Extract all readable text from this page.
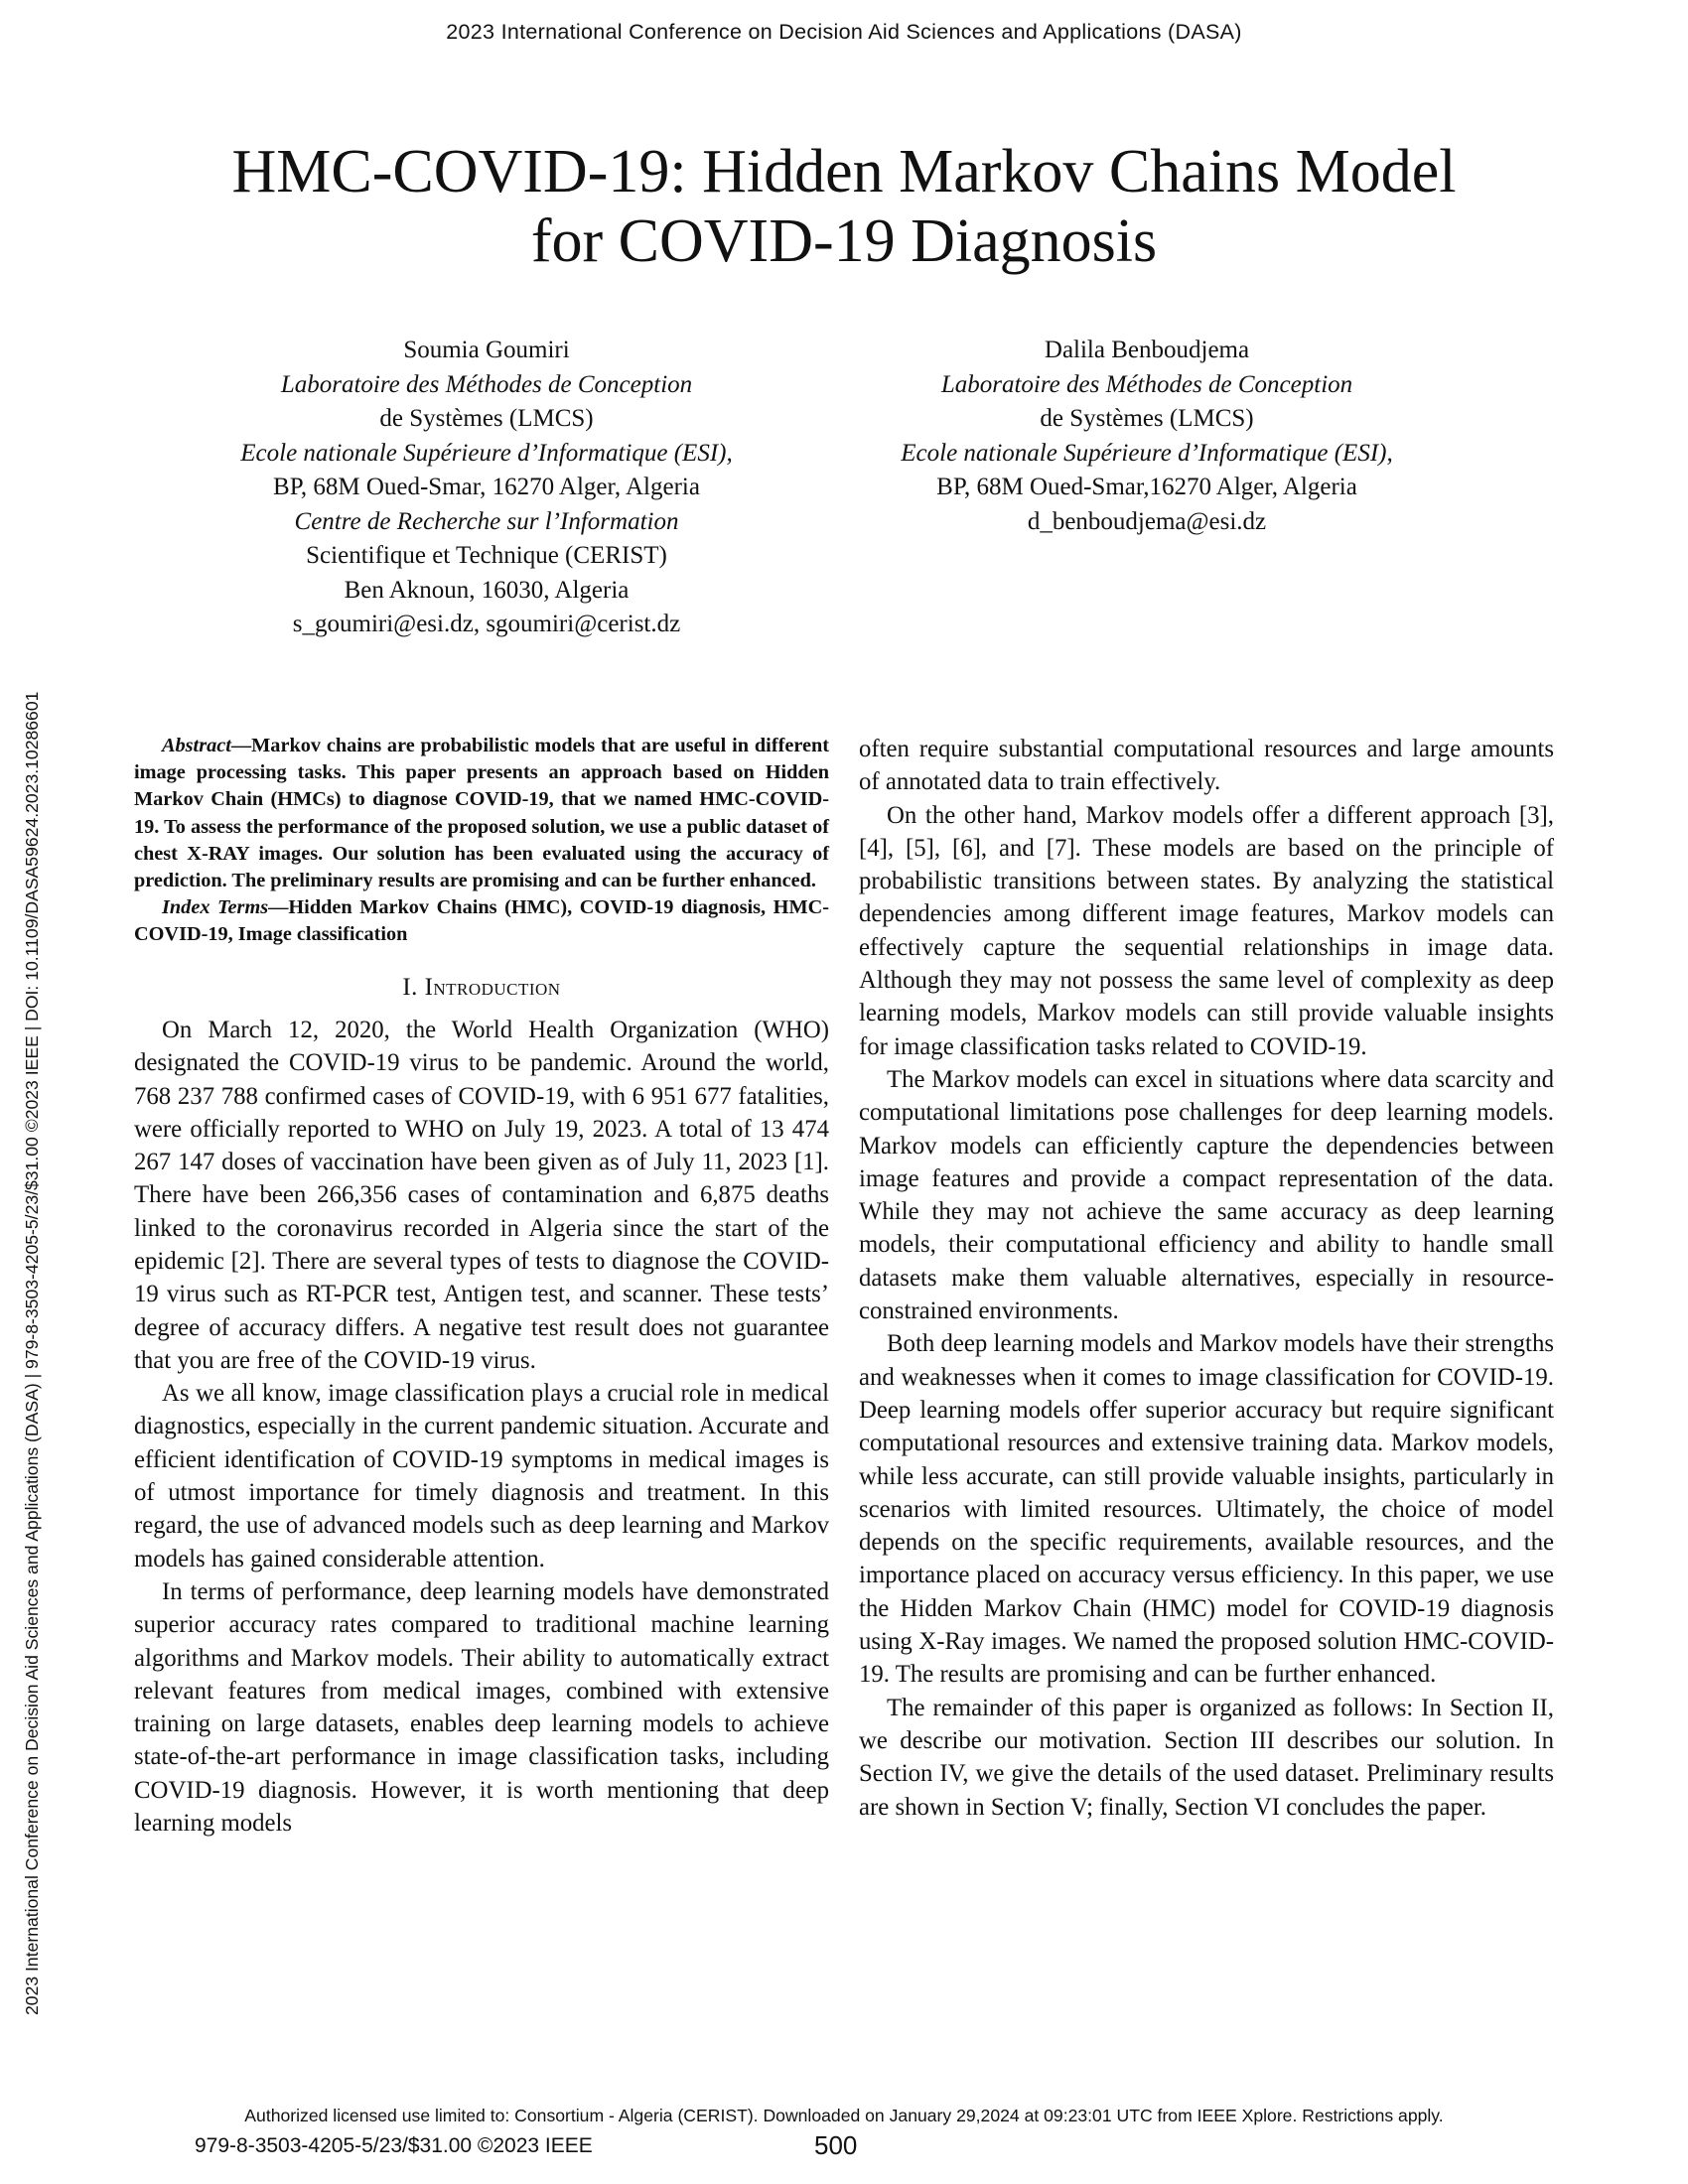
2023 International Conference on Decision Aid Sciences and Applications (DASA)
2023 International Conference on Decision Aid Sciences and Applications (DASA) | 979-8-3503-4205-5/23/$31.00 ©2023 IEEE | DOI: 10.1109/DASA59624.2023.10286601
HMC-COVID-19: Hidden Markov Chains Model
for COVID-19 Diagnosis
Soumia Goumiri
Laboratoire des Méthodes de Conception
de Systèmes (LMCS)
Ecole nationale Supérieure d’Informatique (ESI),
BP, 68M Oued-Smar, 16270 Alger, Algeria
Centre de Recherche sur l’Information
Scientifique et Technique (CERIST)
Ben Aknoun, 16030, Algeria
s_goumiri@esi.dz, sgoumiri@cerist.dz
Dalila Benboudjema
Laboratoire des Méthodes de Conception
de Systèmes (LMCS)
Ecole nationale Supérieure d’Informatique (ESI),
BP, 68M Oued-Smar,16270 Alger, Algeria
d_benboudjema@esi.dz

Abstract—Markov chains are probabilistic models that are useful in different image processing tasks. This paper presents an approach based on Hidden Markov Chain (HMCs) to diagnose COVID-19, that we named HMC-COVID-19. To assess the performance of the proposed solution, we use a public dataset of chest X-RAY images. Our solution has been evaluated using the accuracy of prediction. The preliminary results are promising and can be further enhanced.

Index Terms—Hidden Markov Chains (HMC), COVID-19 diagnosis, HMC-COVID-19, Image classification

I. Introduction

On March 12, 2020, the World Health Organization (WHO) designated the COVID-19 virus to be pandemic. Around the world, 768 237 788 confirmed cases of COVID-19, with 6 951 677 fatalities, were officially reported to WHO on July 19, 2023. A total of 13 474 267 147 doses of vaccination have been given as of July 11, 2023 [1]. There have been 266,356 cases of contamination and 6,875 deaths linked to the coronavirus recorded in Algeria since the start of the epidemic [2]. There are several types of tests to diagnose the COVID-19 virus such as RT-PCR test, Antigen test, and scanner. These tests’ degree of accuracy differs. A negative test result does not guarantee that you are free of the COVID-19 virus.

As we all know, image classification plays a crucial role in medical diagnostics, especially in the current pandemic situation. Accurate and efficient identification of COVID-19 symptoms in medical images is of utmost importance for timely diagnosis and treatment. In this regard, the use of advanced models such as deep learning and Markov models has gained considerable attention.

In terms of performance, deep learning models have demonstrated superior accuracy rates compared to traditional machine learning algorithms and Markov models. Their ability to automatically extract relevant features from medical images, combined with extensive training on large datasets, enables deep learning models to achieve state-of-the-art performance in image classification tasks, including COVID-19 diagnosis. However, it is worth mentioning that deep learning models

often require substantial computational resources and large amounts of annotated data to train effectively.

On the other hand, Markov models offer a different approach [3], [4], [5], [6], and [7]. These models are based on the principle of probabilistic transitions between states. By analyzing the statistical dependencies among different image features, Markov models can effectively capture the sequential relationships in image data. Although they may not possess the same level of complexity as deep learning models, Markov models can still provide valuable insights for image classification tasks related to COVID-19.

The Markov models can excel in situations where data scarcity and computational limitations pose challenges for deep learning models. Markov models can efficiently capture the dependencies between image features and provide a compact representation of the data. While they may not achieve the same accuracy as deep learning models, their computational efficiency and ability to handle small datasets make them valuable alternatives, especially in resource-constrained environments.

Both deep learning models and Markov models have their strengths and weaknesses when it comes to image classification for COVID-19. Deep learning models offer superior accuracy but require significant computational resources and extensive training data. Markov models, while less accurate, can still provide valuable insights, particularly in scenarios with limited resources. Ultimately, the choice of model depends on the specific requirements, available resources, and the importance placed on accuracy versus efficiency. In this paper, we use the Hidden Markov Chain (HMC) model for COVID-19 diagnosis using X-Ray images. We named the proposed solution HMC-COVID-19. The results are promising and can be further enhanced.

The remainder of this paper is organized as follows: In Section II, we describe our motivation. Section III describes our solution. In Section IV, we give the details of the used dataset. Preliminary results are shown in Section V; finally, Section VI concludes the paper.

Authorized licensed use limited to: Consortium - Algeria (CERIST). Downloaded on January 29,2024 at 09:23:01 UTC from IEEE Xplore. Restrictions apply.
979-8-3503-4205-5/23/$31.00 ©2023 IEEE	500
